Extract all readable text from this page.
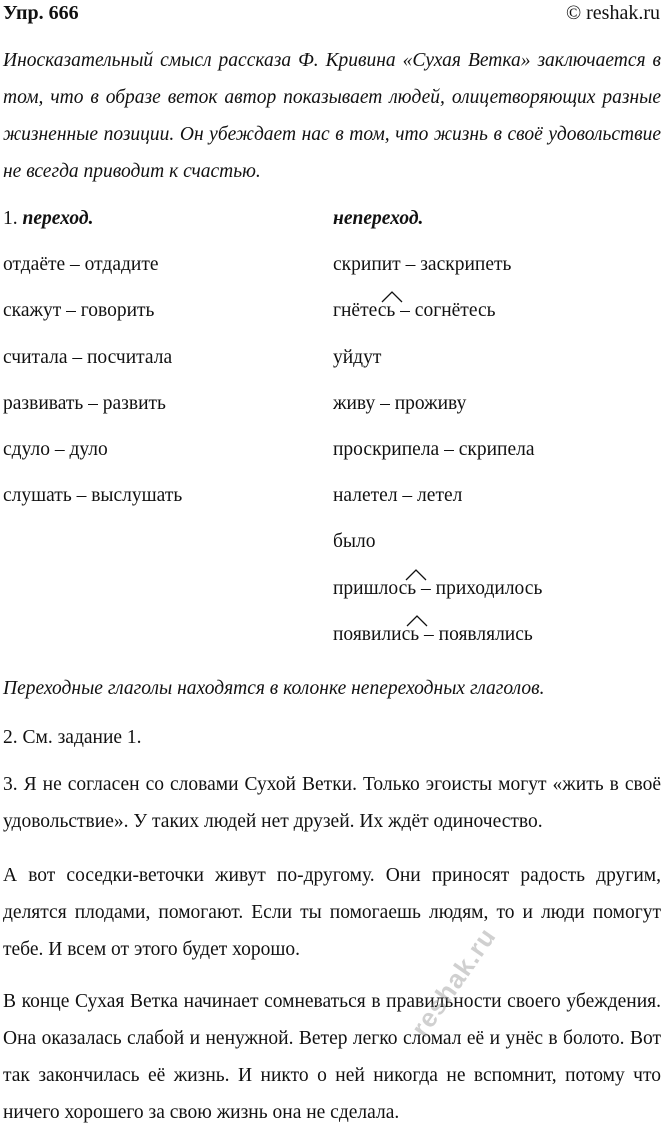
Упр. 666	© reshak.ru
Иносказательный смысл рассказа Ф. Кривина «Сухая Ветка» заключается в том, что в образе веток автор показывает людей, олицетворяющих разные жизненные позиции. Он убеждает нас в том, что жизнь в своё удовольствие не всегда приводит к счастью.
1. переход.
отдаёте – отдадите
скажут – говорить
считала – посчитала
развивать – развить
сдуло – дуло
слушать – выслушать
непереход.
скрипит – заскрипеть
гнётесь – согнётесь
уйдут
живу – проживу
проскрипела – скрипела
налетел – летел
было
пришлось – приходилось
появились – появлялись
Переходные глаголы находятся в колонке непереходных глаголов.
2. См. задание 1.
3. Я не согласен со словами Сухой Ветки. Только эгоисты могут «жить в своё удовольствие». У таких людей нет друзей. Их ждёт одиночество.
А вот соседки-веточки живут по-другому. Они приносят радость другим, делятся плодами, помогают. Если ты помогаешь людям, то и люди помогут тебе. И всем от этого будет хорошо.
В конце Сухая Ветка начинает сомневаться в правильности своего убеждения. Она оказалась слабой и ненужной. Ветер легко сломал её и унёс в болото. Вот так закончилась её жизнь. И никто о ней никогда не вспомнит, потому что ничего хорошего за свою жизнь она не сделала.
reshak.ru
